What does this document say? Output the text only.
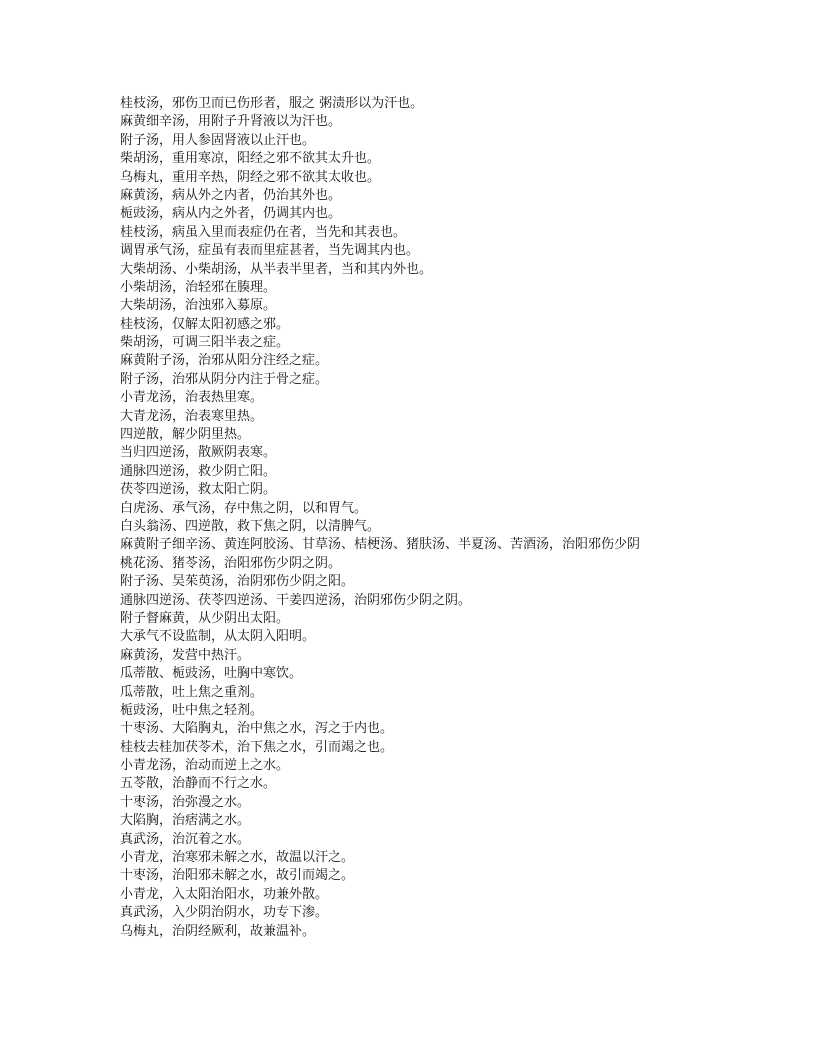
桂枝汤，邪伤卫而已伤形者，服之 粥渍形以为汗也。
麻黄细辛汤，用附子升肾液以为汗也。
附子汤，用人参固肾液以止汗也。
柴胡汤，重用寒凉，阳经之邪不欲其太升也。
乌梅丸，重用辛热，阴经之邪不欲其太收也。
麻黄汤，病从外之内者，仍治其外也。
栀豉汤，病从内之外者，仍调其内也。
桂枝汤，病虽入里而表症仍在者，当先和其表也。
调胃承气汤，症虽有表而里症甚者，当先调其内也。
大柴胡汤、小柴胡汤，从半表半里者，当和其内外也。
小柴胡汤，治轻邪在腠理。
大柴胡汤，治浊邪入募原。
桂枝汤，仅解太阳初感之邪。
柴胡汤，可调三阳半表之症。
麻黄附子汤，治邪从阳分注经之症。
附子汤，治邪从阴分内注于骨之症。
小青龙汤，治表热里寒。
大青龙汤，治表寒里热。
四逆散，解少阴里热。
当归四逆汤，散厥阴表寒。
通脉四逆汤，救少阴亡阳。
茯苓四逆汤，救太阳亡阴。
白虎汤、承气汤，存中焦之阴，以和胃气。
白头翁汤、四逆散，救下焦之阴，以清脾气。
麻黄附子细辛汤、黄连阿胶汤、甘草汤、桔梗汤、猪肤汤、半夏汤、苦酒汤，治阳邪伤少阴
桃花汤、猪苓汤，治阳邪伤少阴之阴。
附子汤、吴茱萸汤，治阴邪伤少阴之阳。
通脉四逆汤、茯苓四逆汤、干姜四逆汤，治阴邪伤少阴之阴。
附子督麻黄，从少阴出太阳。
大承气不设监制，从太阴入阳明。
麻黄汤，发营中热汗。
瓜蒂散、栀豉汤，吐胸中寒饮。
瓜蒂散，吐上焦之重剂。
栀豉汤，吐中焦之轻剂。
十枣汤、大陷胸丸，治中焦之水，泻之于内也。
桂枝去桂加茯苓术，治下焦之水，引而竭之也。
小青龙汤，治动而逆上之水。
五苓散，治静而不行之水。
十枣汤，治弥漫之水。
大陷胸，治痞满之水。
真武汤，治沉着之水。
小青龙，治寒邪未解之水，故温以汗之。
十枣汤，治阳邪未解之水，故引而竭之。
小青龙，入太阳治阳水，功兼外散。
真武汤，入少阴治阴水，功专下渗。
乌梅丸，治阴经厥利，故兼温补。
